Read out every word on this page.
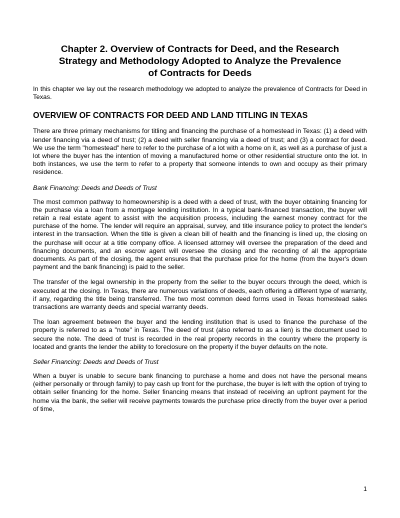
Chapter 2. Overview of Contracts for Deed, and the Research Strategy and Methodology Adopted to Analyze the Prevalence of Contracts for Deeds

In this chapter we lay out the research methodology we adopted to analyze the prevalence of Contracts for Deed in Texas.

OVERVIEW OF CONTRACTS FOR DEED AND LAND TITLING IN TEXAS

There are three primary mechanisms for titling and financing the purchase of a homestead in Texas: (1) a deed with lender financing via a deed of trust; (2) a deed with seller financing via a deed of trust; and (3) a contract for deed. We use the term "homestead" here to refer to the purchase of a lot with a home on it, as well as a purchase of just a lot where the buyer has the intention of moving a manufactured home or other residential structure onto the lot. In both instances, we use the term to refer to a property that someone intends to own and occupy as their primary residence.

Bank Financing: Deeds and Deeds of Trust

The most common pathway to homeownership is a deed with a deed of trust, with the buyer obtaining financing for the purchase via a loan from a mortgage lending institution. In a typical bank-financed transaction, the buyer will retain a real estate agent to assist with the acquisition process, including the earnest money contract for the purchase of the home. The lender will require an appraisal, survey, and title insurance policy to protect the lender's interest in the transaction. When the title is given a clean bill of health and the financing is lined up, the closing on the purchase will occur at a title company office. A licensed attorney will oversee the preparation of the deed and financing documents, and an escrow agent will oversee the closing and the recording of all the appropriate documents. As part of the closing, the agent ensures that the purchase price for the home (from the buyer's down payment and the bank financing) is paid to the seller.

The transfer of the legal ownership in the property from the seller to the buyer occurs through the deed, which is executed at the closing. In Texas, there are numerous variations of deeds, each offering a different type of warranty, if any, regarding the title being transferred. The two most common deed forms used in Texas homestead sales transactions are warranty deeds and special warranty deeds.

The loan agreement between the buyer and the lending institution that is used to finance the purchase of the property is referred to as a "note" in Texas. The deed of trust (also referred to as a lien) is the document used to secure the note. The deed of trust is recorded in the real property records in the country where the property is located and grants the lender the ability to foreclosure on the property if the buyer defaults on the note.

Seller Financing: Deeds and Deeds of Trust

When a buyer is unable to secure bank financing to purchase a home and does not have the personal means (either personally or through family) to pay cash up front for the purchase, the buyer is left with the option of trying to obtain seller financing for the home. Seller financing means that instead of receiving an upfront payment for the home via the bank, the seller will receive payments towards the purchase price directly from the buyer over a period of time,

1
